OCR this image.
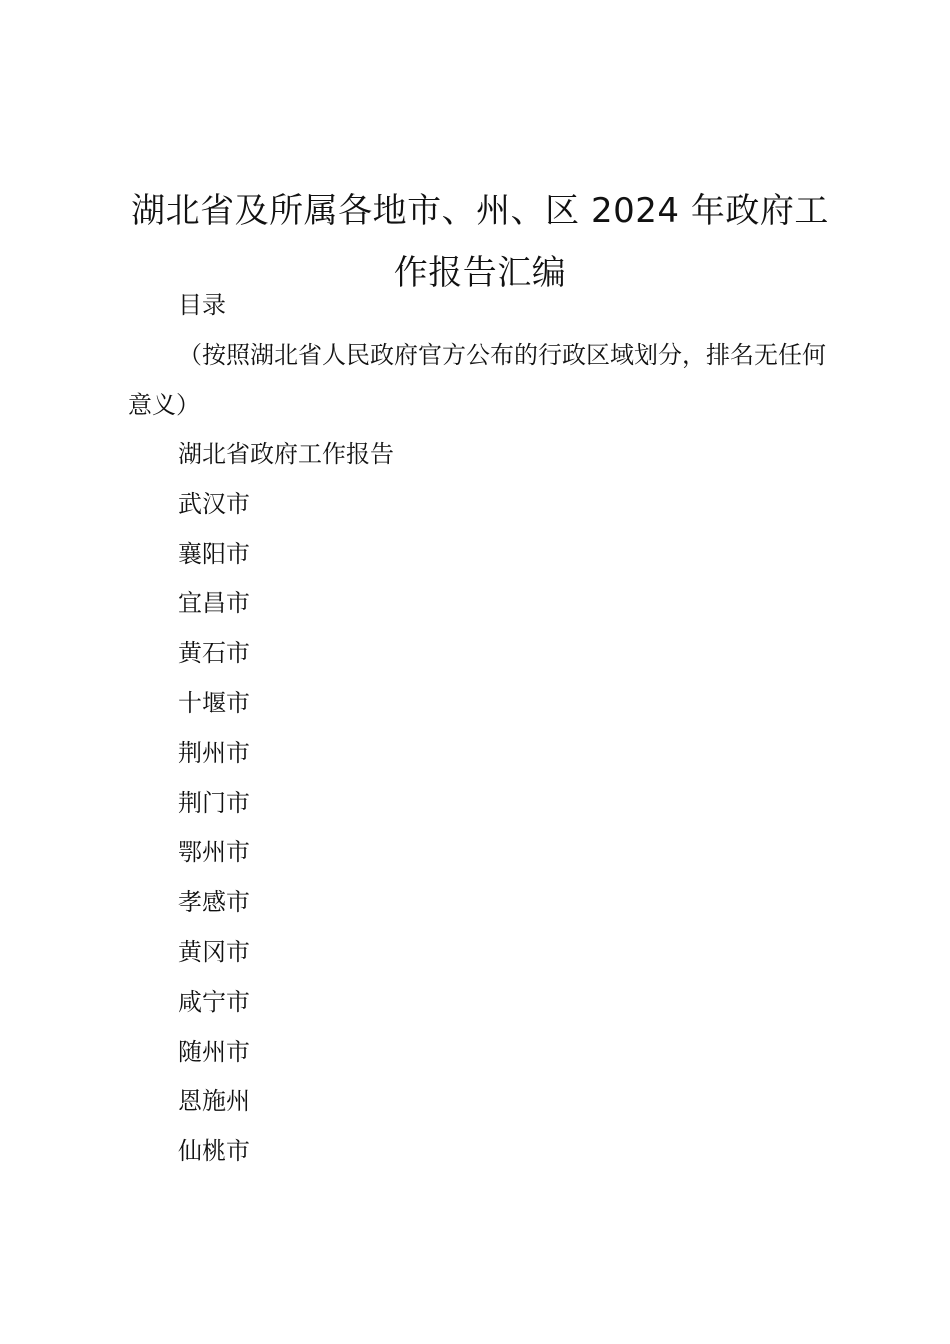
湖北省及所属各地市、州、区 2024 年政府工作报告汇编
目录
（按照湖北省人民政府官方公布的行政区域划分，排名无任何意义）
湖北省政府工作报告
武汉市
襄阳市
宜昌市
黄石市
十堰市
荆州市
荆门市
鄂州市
孝感市
黄冈市
咸宁市
随州市
恩施州
仙桃市
